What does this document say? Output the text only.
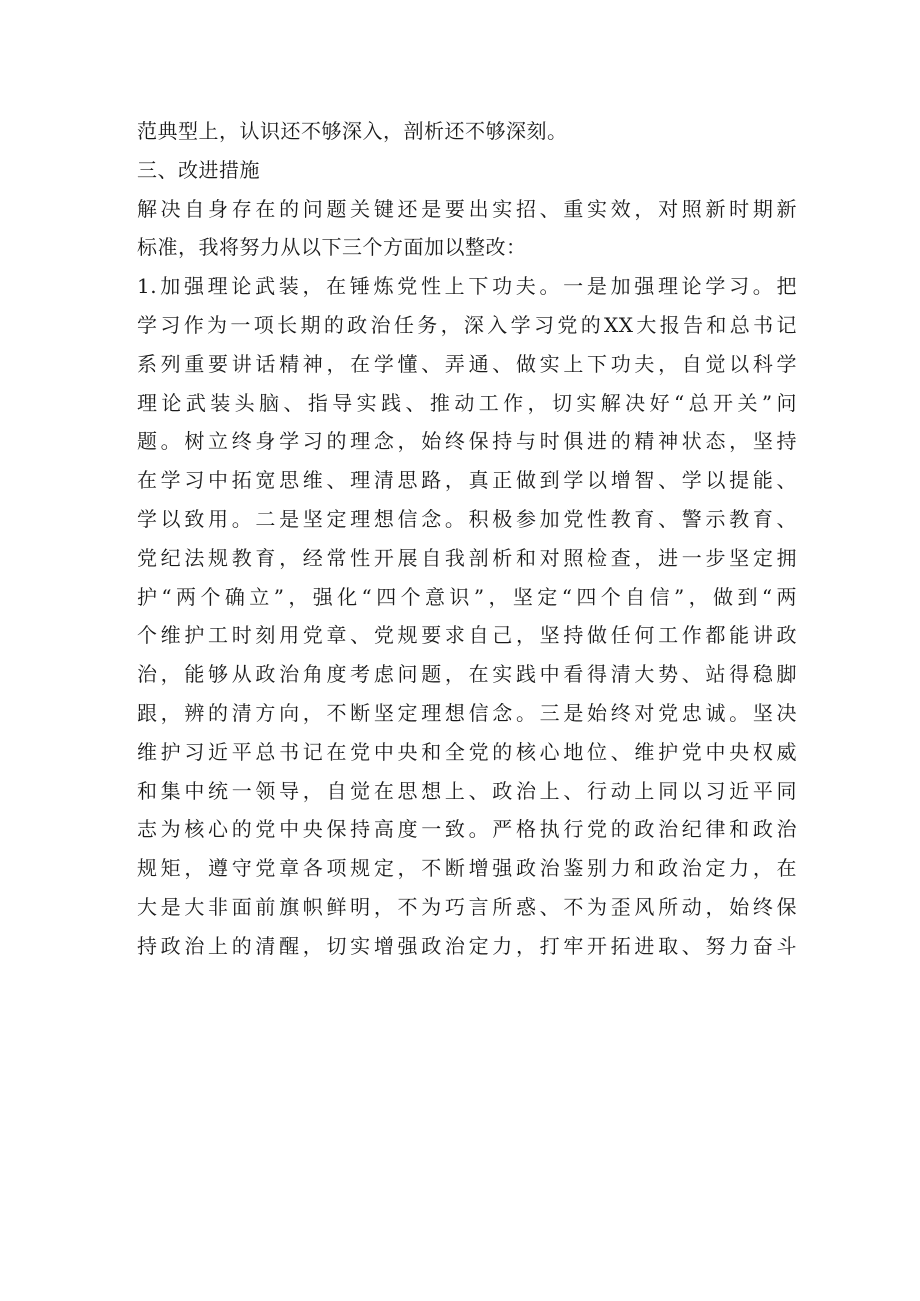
范典型上，认识还不够深入，剖析还不够深刻。
三、改进措施
解决自身存在的问题关键还是要出实招、重实效，对照新时期新
标准，我将努力从以下三个方面加以整改：
1.加强理论武装，在锤炼党性上下功夫。一是加强理论学习。把
学习作为一项长期的政治任务，深入学习党的XX大报告和总书记
系列重要讲话精神，在学懂、弄通、做实上下功夫，自觉以科学
理论武装头脑、指导实践、推动工作，切实解决好“总开关”问
题。树立终身学习的理念，始终保持与时俱进的精神状态，坚持
在学习中拓宽思维、理清思路，真正做到学以增智、学以提能、
学以致用。二是坚定理想信念。积极参加党性教育、警示教育、
党纪法规教育，经常性开展自我剖析和对照检查，进一步坚定拥
护“两个确立”，强化“四个意识”，坚定“四个自信”，做到“两
个维护工时刻用党章、党规要求自己，坚持做任何工作都能讲政
治，能够从政治角度考虑问题，在实践中看得清大势、站得稳脚
跟，辨的清方向，不断坚定理想信念。三是始终对党忠诚。坚决
维护习近平总书记在党中央和全党的核心地位、维护党中央权威
和集中统一领导，自觉在思想上、政治上、行动上同以习近平同
志为核心的党中央保持高度一致。严格执行党的政治纪律和政治
规矩，遵守党章各项规定，不断增强政治鉴别力和政治定力，在
大是大非面前旗帜鲜明，不为巧言所惑、不为歪风所动，始终保
持政治上的清醒，切实增强政治定力，打牢开拓进取、努力奋斗
